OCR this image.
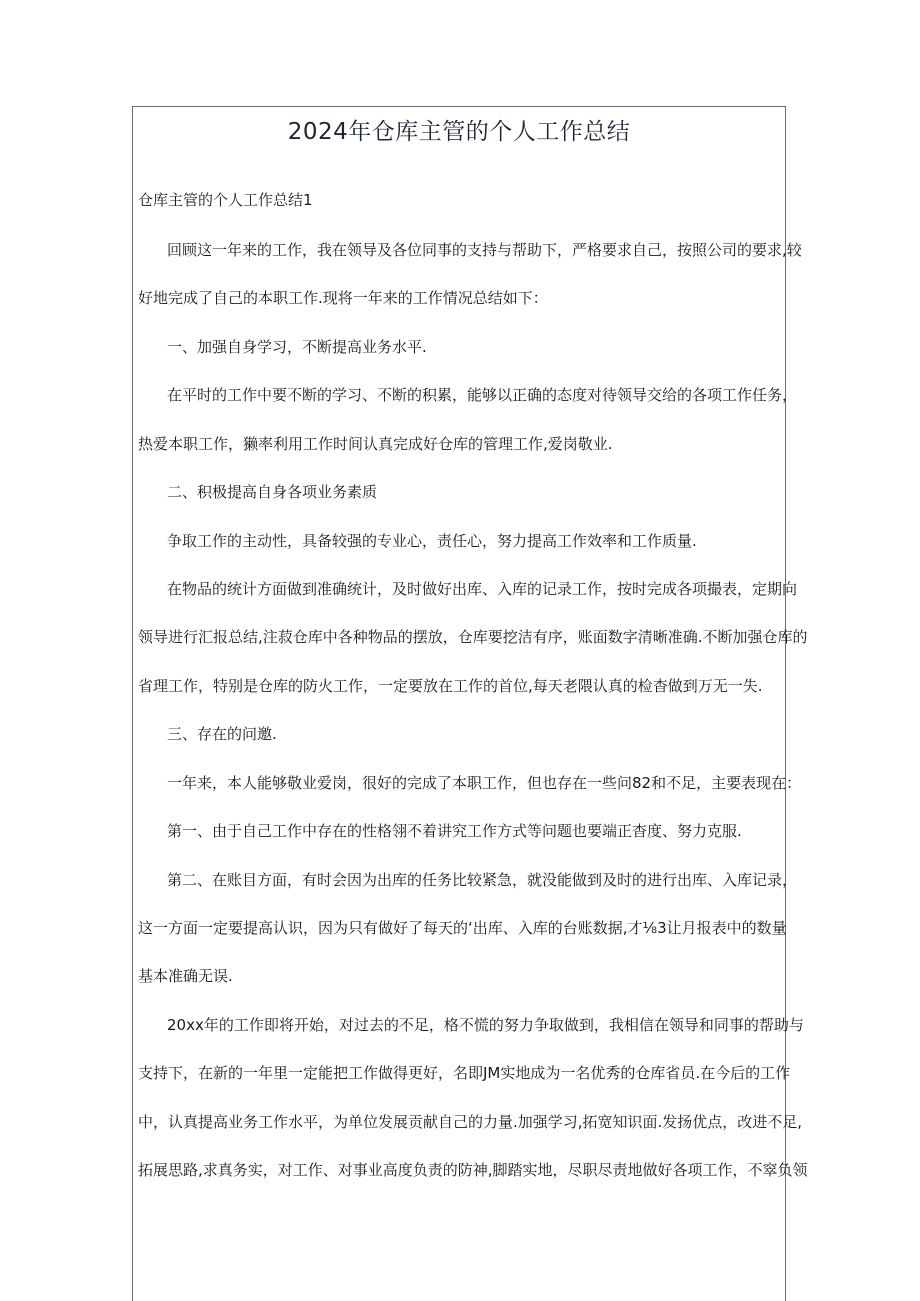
2024年仓库主管的个人工作总结
仓库主管的个人工作总结1
回顾这一年来的工作，我在领导及各位同事的支持与帮助下，严格要求自己，按照公司的要求,较
好地完成了自己的本职工作.现将一年来的工作情况总结如下：
一、加强自身学习，不断提高业务水平.
在平时的工作中要不断的学习、不断的积累，能够以正确的态度对待领导交给的各项工作任务，
热爱本职工作，獭率利用工作时间认真完成好仓库的管理工作,爱岗敬业.
二、积极提高自身各项业务素质
争取工作的主动性，具备较强的专业心，责任心，努力提高工作效率和工作质量.
在物品的统计方面做到准确统计，及时做好出库、入库的记录工作，按时完成各项撮表，定期向
领导进行汇报总结,注菽仓库中各种物品的摆放，仓库要挖洁有序，账面数字清晰准确.不断加强仓库的
省理工作，特别是仓库的防火工作，一定要放在工作的首位,每天老隈认真的检杳做到万无一失.
三、存在的问邀.
一年来，本人能够敬业爱岗，很好的完成了本职工作，但也存在一些问82和不足，主要表现在：
第一、由于自己工作中存在的性格翎不着讲究工作方式等问题也要端正杳度、努力克服.
第二、在账目方面，有时会因为出库的任务比较紧急，就没能做到及时的进行出库、入库记录，
这一方面一定要提高认识，因为只有做好了每天的‘出库、入库的台账数据,才⅛3让月报表中的数量
基本准确无误.
20xx年的工作即将开始，对过去的不足，格不慌的努力争取做到，我相信在领导和同事的帮助与
支持下，在新的一年里一定能把工作做得更好，名即JM实地成为一名优秀的仓库省员.在今后的工作
中，认真提高业务工作水平，为单位发展贡献自己的力量.加强学习,拓宽知识面.发扬优点，改进不足,
拓展思路,求真务实，对工作、对事业高度负责的防神,脚踏实地，尽职尽责地做好各项工作，不窣负领
